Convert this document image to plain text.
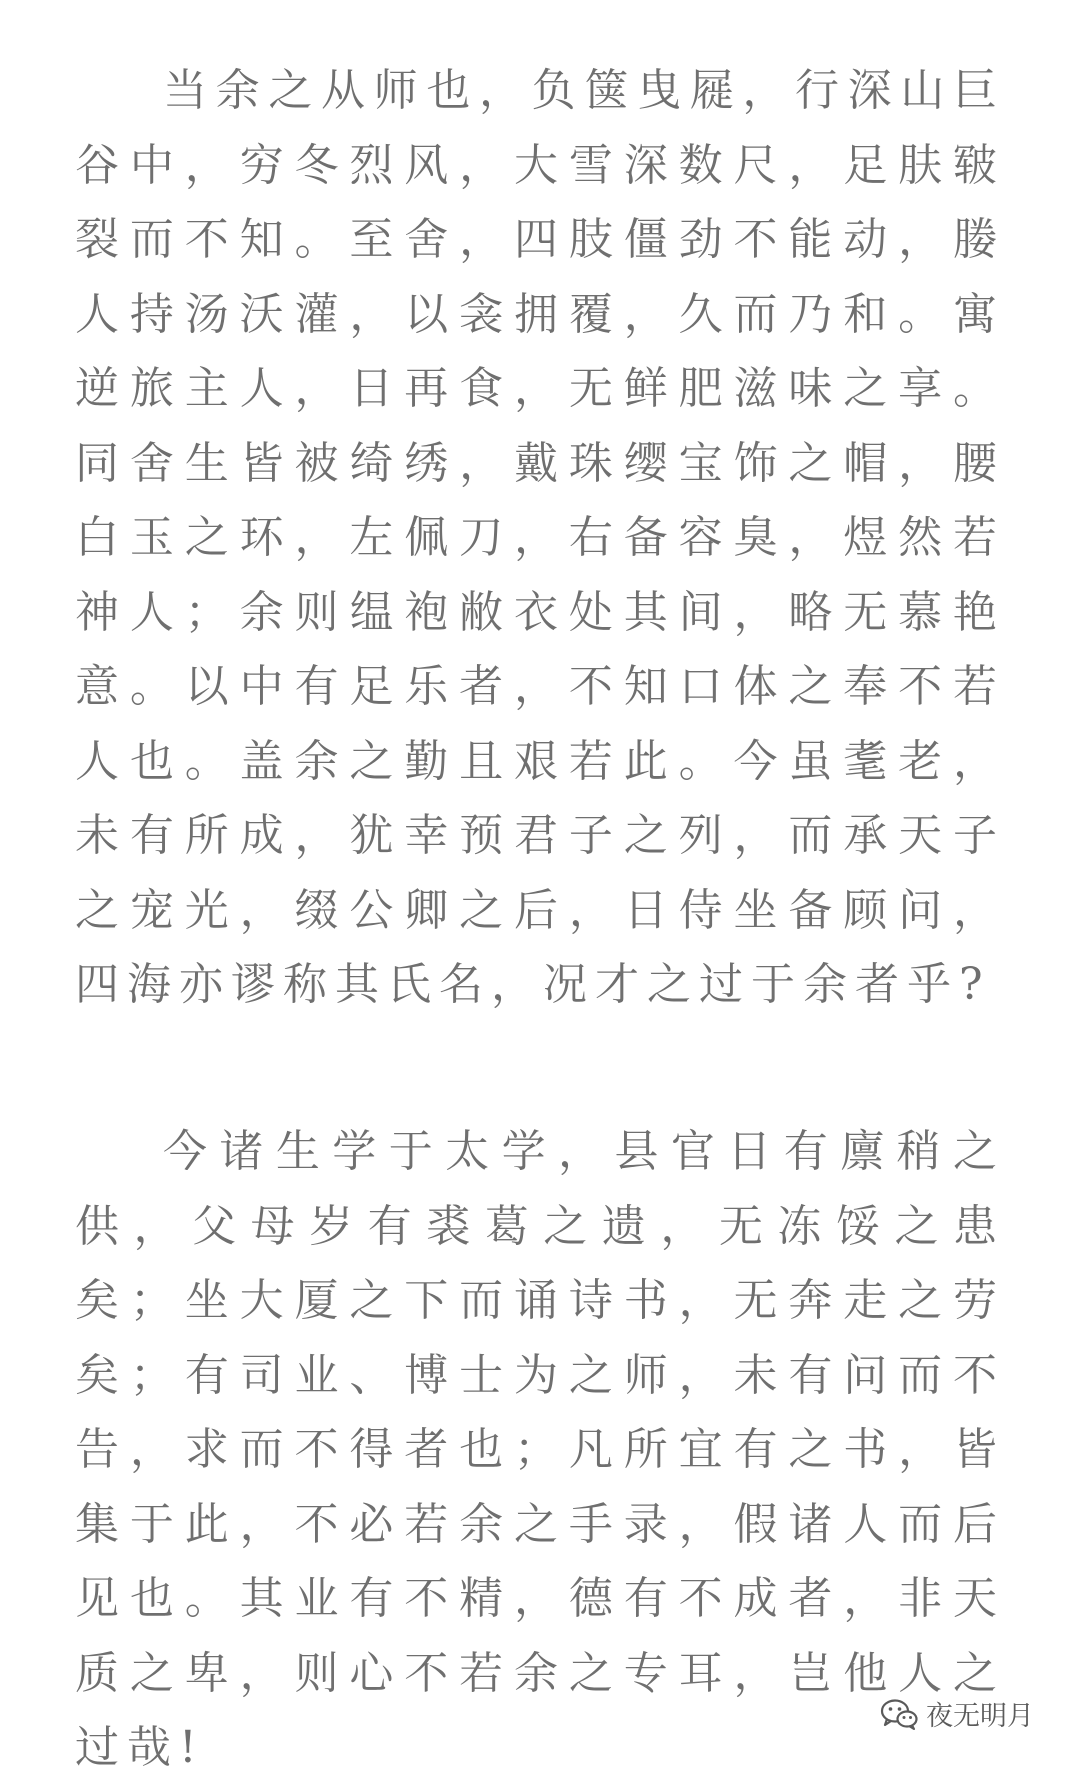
当余之从师也，负箧曳屣，行深山巨谷中，穷冬烈风，大雪深数尺，足肤皲裂而不知。至舍，四肢僵劲不能动，媵人持汤沃灌，以衾拥覆，久而乃和。寓逆旅主人，日再食，无鲜肥滋味之享。同舍生皆被绮绣，戴珠缨宝饰之帽，腰白玉之环，左佩刀，右备容臭，煜然若神人；余则缊袍敝衣处其间，略无慕艳意。以中有足乐者，不知口体之奉不若人也。盖余之勤且艰若此。今虽耄老，未有所成，犹幸预君子之列，而承天子之宠光，缀公卿之后，日侍坐备顾问，四海亦谬称其氏名，况才之过于余者乎?

今诸生学于太学，县官日有廪稍之供，父母岁有裘葛之遗，无冻馁之患矣；坐大厦之下而诵诗书，无奔走之劳矣；有司业、博士为之师，未有问而不告，求而不得者也；凡所宜有之书，皆集于此，不必若余之手录，假诸人而后见也。其业有不精，德有不成者，非天质之卑，则心不若余之专耳，岂他人之过哉!

夜无明月
